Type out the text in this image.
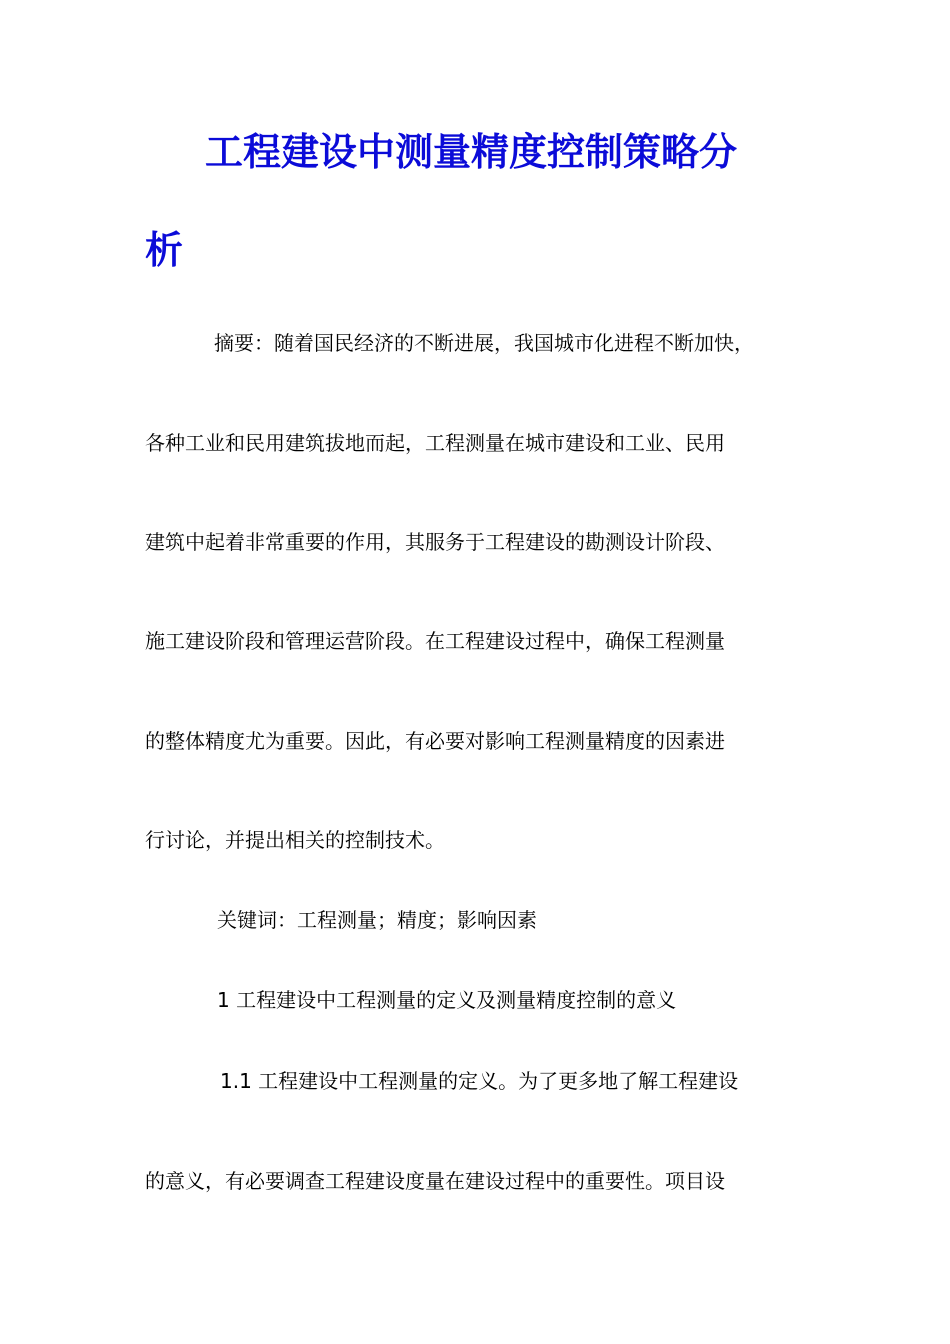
工程建设中测量精度控制策略分
析
摘要：随着国民经济的不断进展，我国城市化进程不断加快，
各种工业和民用建筑拔地而起，工程测量在城市建设和工业、民用
建筑中起着非常重要的作用，其服务于工程建设的勘测设计阶段、
施工建设阶段和管理运营阶段。在工程建设过程中，确保工程测量
的整体精度尤为重要。因此，有必要对影响工程测量精度的因素进
行讨论，并提出相关的控制技术。
关键词：工程测量；精度；影响因素
1 工程建设中工程测量的定义及测量精度控制的意义
1.1 工程建设中工程测量的定义。为了更多地了解工程建设
的意义，有必要调查工程建设度量在建设过程中的重要性。项目设
